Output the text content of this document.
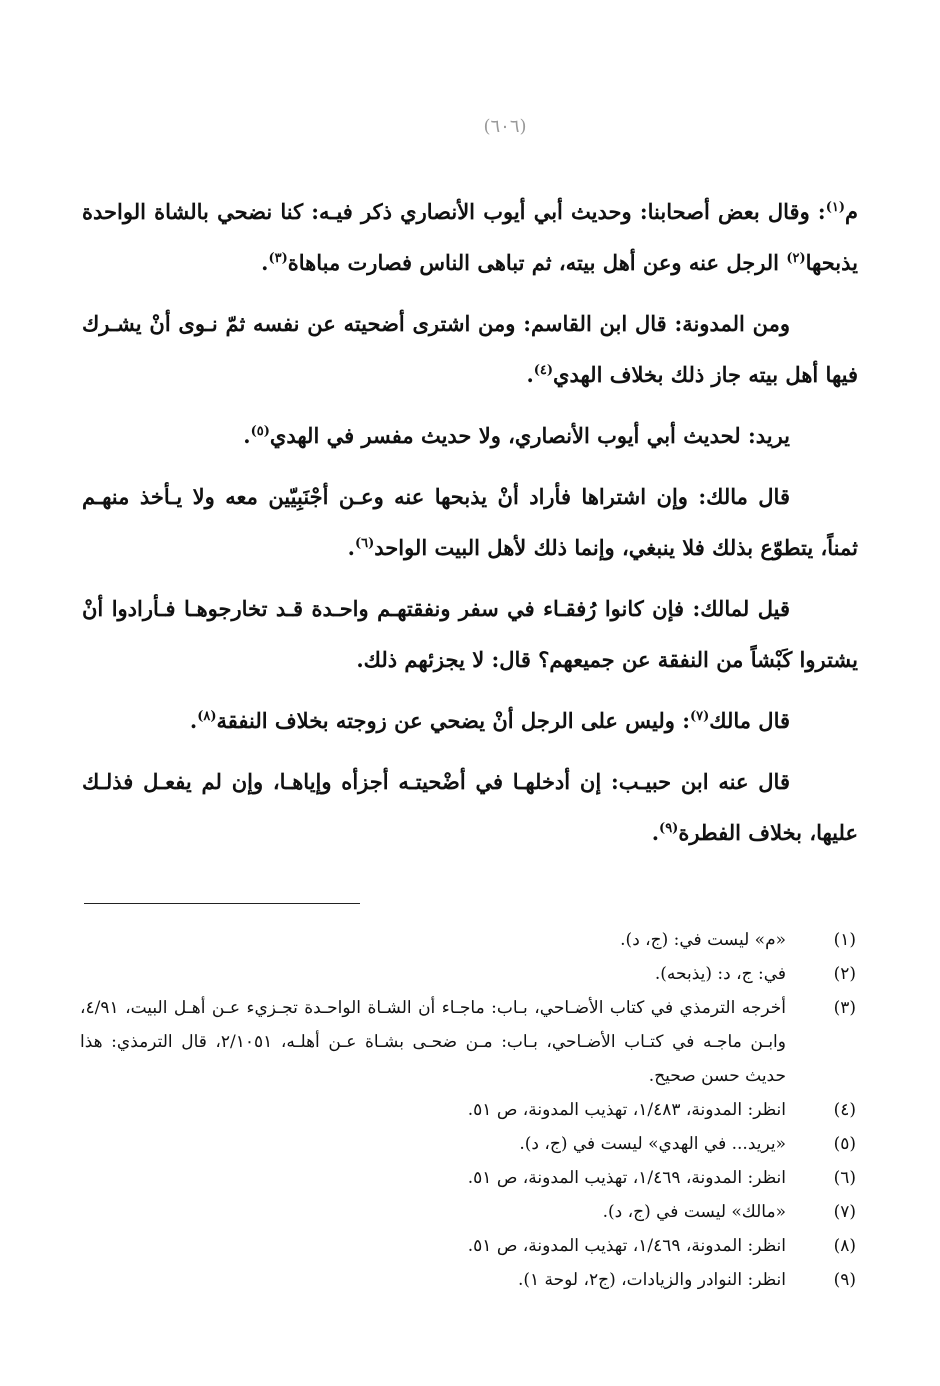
(٦٠٦)

م$^{(١)}$: وقال بعض أصحابنا: وحديث أبي أيوب الأنصاري ذكر فيـه: كنا نضحي بالشاة الواحدة يذبحها$^{(٢)}$ الرجل عنه وعن أهل بيته، ثم تباهى الناس فصارت مباهاة$^{(٣)}$.

ومن المدونة: قال ابن القاسم: ومن اشترى أضحيته عن نفسه ثمّ نـوى أنْ يشـرك فيها أهل بيته جاز ذلك بخلاف الهدي$^{(٤)}$.

يريد: لحديث أبي أيوب الأنصاري، ولا حديث مفسر في الهدي$^{(٥)}$.

قال مالك: وإن اشتراها فأراد أنْ يذبحها عنه وعـن أجْنَبِيّين معه ولا يـأخذ منهـم ثمناً، يتطوّع بذلك فلا ينبغي، وإنما ذلك لأهل البيت الواحد$^{(٦)}$.

قيل لمالك: فإن كانوا رُفقـاء في سفر ونفقتهـم واحـدة قـد تخارجوهـا فـأرادوا أنْ يشتروا كَبْشاً من النفقة عن جميعهم؟ قال: لا يجزئهم ذلك.

قال مالك$^{(٧)}$: وليس على الرجل أنْ يضحي عن زوجته بخلاف النفقة$^{(٨)}$.

قال عنه ابن حبيـب: إن أدخلهـا في أضْحيتـه أجزأه وإياهـا، وإن لم يفعـل فذلـك عليها، بخلاف الفطرة$^{(٩)}$.

(١)
«م» ليست في: (ج، د).
(٢)
في: ج، د: (يذبحه).
(٣)
أخرجه الترمذي في كتاب الأضـاحي، بـاب: ماجـاء أن الشـاة الواحـدة تجـزيء عـن أهـل البيت، ٤/٩١، وابـن ماجـه في كتـاب الأضـاحي، بـاب: مـن ضحـى بشـاة عـن أهلـه، ٢/١٠٥١، قال الترمذي: هذا حديث حسن صحيح.
(٤)
انظر: المدونة، ١/٤٨٣، تهذيب المدونة، ص ٥١.
(٥)
«يريد... في الهدي» ليست في (ج، د).
(٦)
انظر: المدونة، ١/٤٦٩، تهذيب المدونة، ص ٥١.
(٧)
«مالك» ليست في (ج، د).
(٨)
انظر: المدونة، ١/٤٦٩، تهذيب المدونة، ص ٥١.
(٩)
انظر: النوادر والزيادات، (ج٢، لوحة ١).
